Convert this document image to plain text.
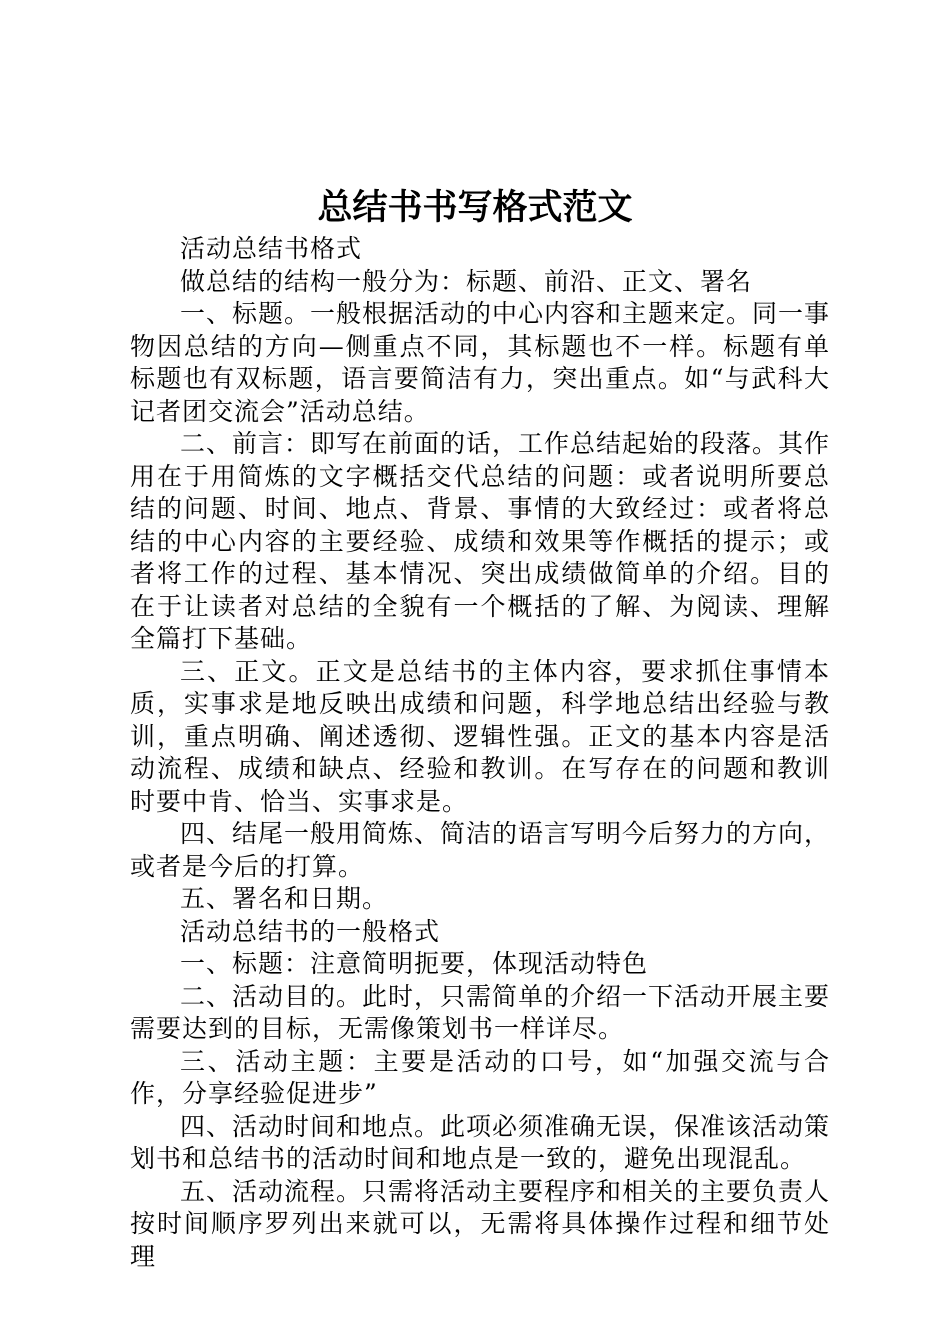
总结书书写格式范文

活动总结书格式

做总结的结构一般分为：标题、前沿、正文、署名

一、标题。一般根据活动的中心内容和主题来定。同一事物因总结的方向—侧重点不同，其标题也不一样。标题有单标题也有双标题，语言要简洁有力，突出重点。如“与武科大记者团交流会”活动总结。

二、前言：即写在前面的话，工作总结起始的段落。其作用在于用简炼的文字概括交代总结的问题：或者说明所要总结的问题、时间、地点、背景、事情的大致经过：或者将总结的中心内容的主要经验、成绩和效果等作概括的提示；或者将工作的过程、基本情况、突出成绩做简单的介绍。目的在于让读者对总结的全貌有一个概括的了解、为阅读、理解全篇打下基础。

三、正文。正文是总结书的主体内容，要求抓住事情本质，实事求是地反映出成绩和问题，科学地总结出经验与教训，重点明确、阐述透彻、逻辑性强。正文的基本内容是活动流程、成绩和缺点、经验和教训。在写存在的问题和教训时要中肯、恰当、实事求是。

四、结尾一般用简炼、简洁的语言写明今后努力的方向，或者是今后的打算。

五、署名和日期。

活动总结书的一般格式

一、标题：注意简明扼要，体现活动特色

二、活动目的。此时，只需简单的介绍一下活动开展主要需要达到的目标，无需像策划书一样详尽。

三、活动主题：主要是活动的口号，如“加强交流与合作，分享经验促进步”

四、活动时间和地点。此项必须准确无误，保准该活动策划书和总结书的活动时间和地点是一致的，避免出现混乱。

五、活动流程。只需将活动主要程序和相关的主要负责人按时间顺序罗列出来就可以，无需将具体操作过程和细节处理
